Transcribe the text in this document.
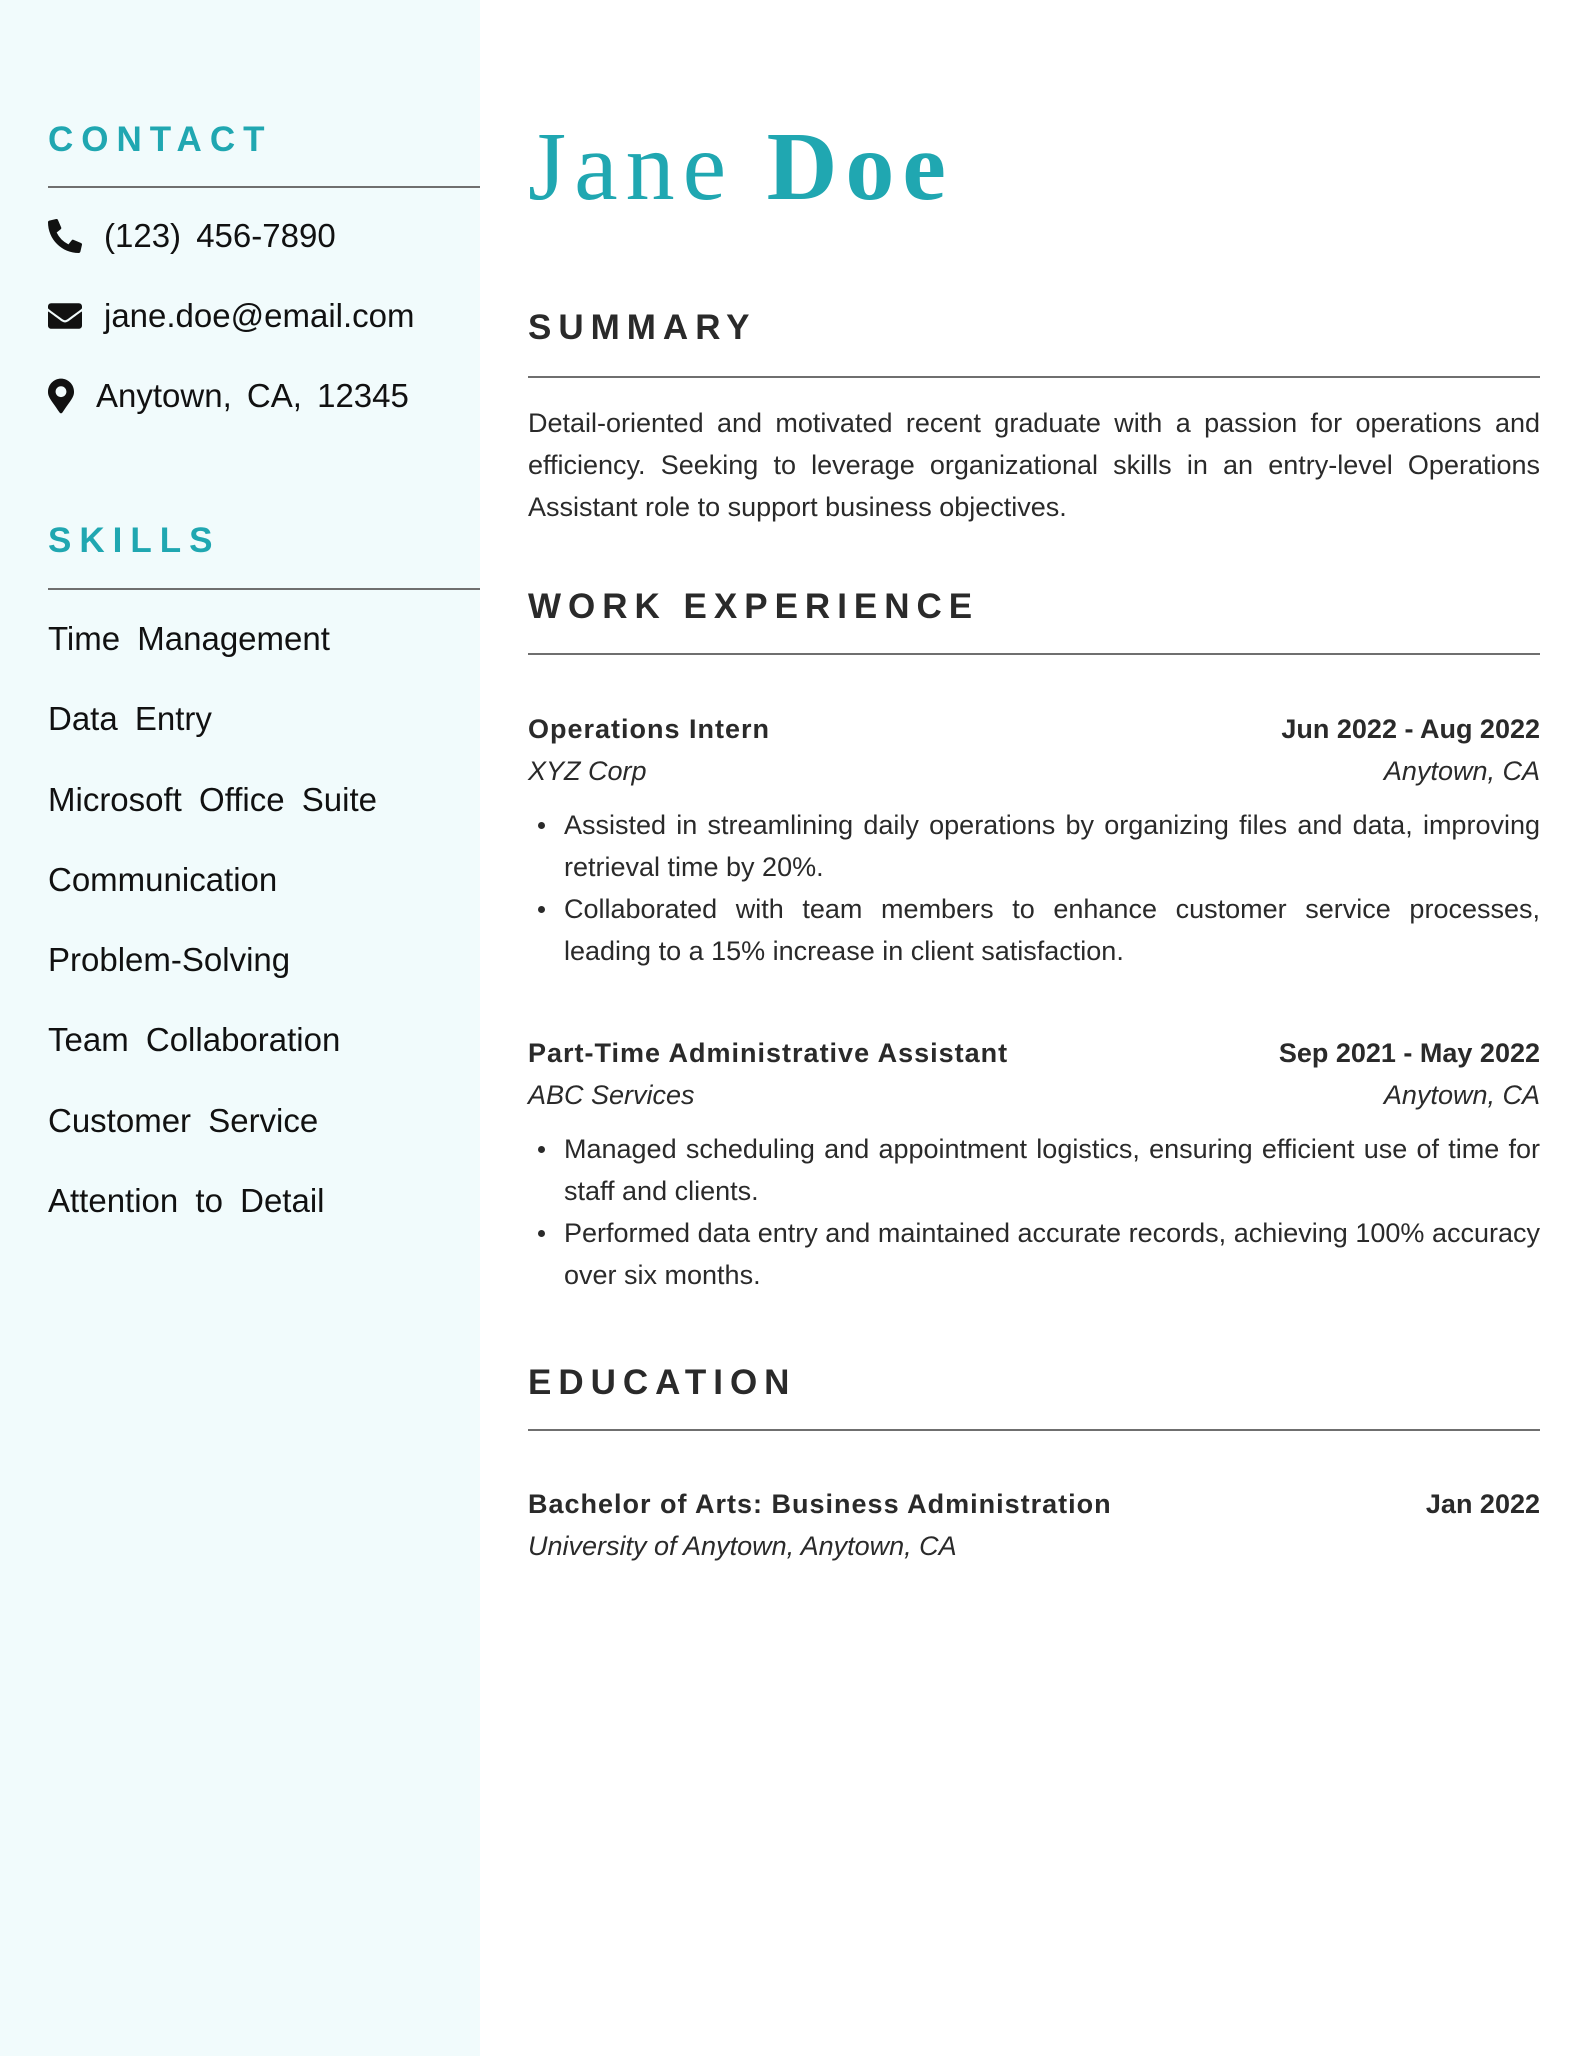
CONTACT
(123) 456-7890
jane.doe@email.com
Anytown, CA, 12345
SKILLS
Time Management
Data Entry
Microsoft Office Suite
Communication
Problem-Solving
Team Collaboration
Customer Service
Attention to Detail
Jane Doe
SUMMARY

Detail-oriented and motivated recent graduate with a passion for operations and efficiency. Seeking to leverage organizational skills in an entry-level Operations Assistant role to support business objectives.

WORK EXPERIENCE
Operations Intern	Jun 2022 - Aug 2022
XYZ Corp	Anytown, CA
Assisted in streamlining daily operations by organizing files and data, improving retrieval time by 20%.
Collaborated with team members to enhance customer service processes, leading to a 15% increase in client satisfaction.
Part-Time Administrative Assistant	Sep 2021 - May 2022
ABC Services	Anytown, CA
Managed scheduling and appointment logistics, ensuring efficient use of time for staff and clients.
Performed data entry and maintained accurate records, achieving 100% accuracy over six months.
EDUCATION
Bachelor of Arts: Business Administration	Jan 2022
University of Anytown, Anytown, CA
